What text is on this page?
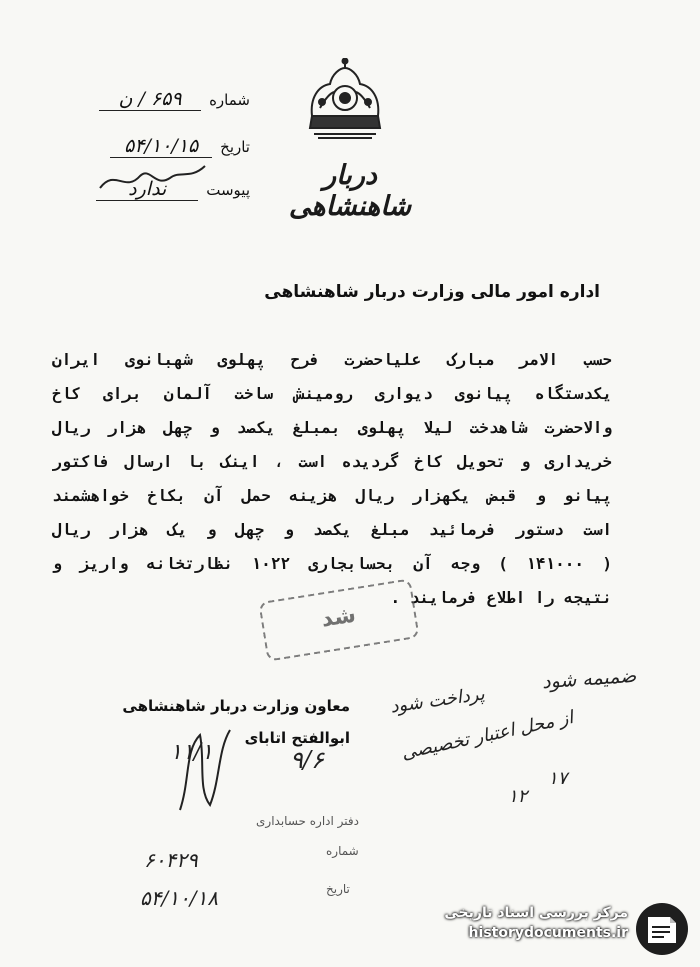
دربار شاهنشاهی
شماره
۶۵۹ / ن
تاریخ
۵۴/۱۰/۱۵
پیوست
ندارد
اداره امور مالی وزارت دربار شاهنشاهی
حسب الامر مبارک علیاحضرت فرح پهلوی شهبانوی ایران
یکدستگاه پیانوی دیواری رومینش ساخت آلمان برای کاخ
والاحضرت شاهدخت لیلا پهلوی بمبلغ یکصد و چهل هزار ریال
خریداری و تحویل کاخ گردیده است ، اینک با ارسال فاکتور
پیانو و قبض یکهزار ریال هزینه حمل آن بکاخ خواهشمند
است دستور فرمائید مبلغ یکصد و چهل و یک هزار ریال
( ۱۴۱۰۰۰ ) وجه آن بحسابجاری ۱۰۲۲ نظارتخانه واریز و
نتیجه را اطلاع فرمایند .
شد
معاون وزارت دربار شاهنشاهی
ابوالفتح اتابای
ضمیمه شود
پرداخت شود
از محل اعتبار تخصیصی
۱۷
۱۲
۹/۶
۱۱/۱
دفتر اداره حسابداری
شماره
۶۰۴۲۹
تاریخ
۵۴/۱۰/۱۸
مرکز بررسی اسناد تاریخی
historydocuments.ir
